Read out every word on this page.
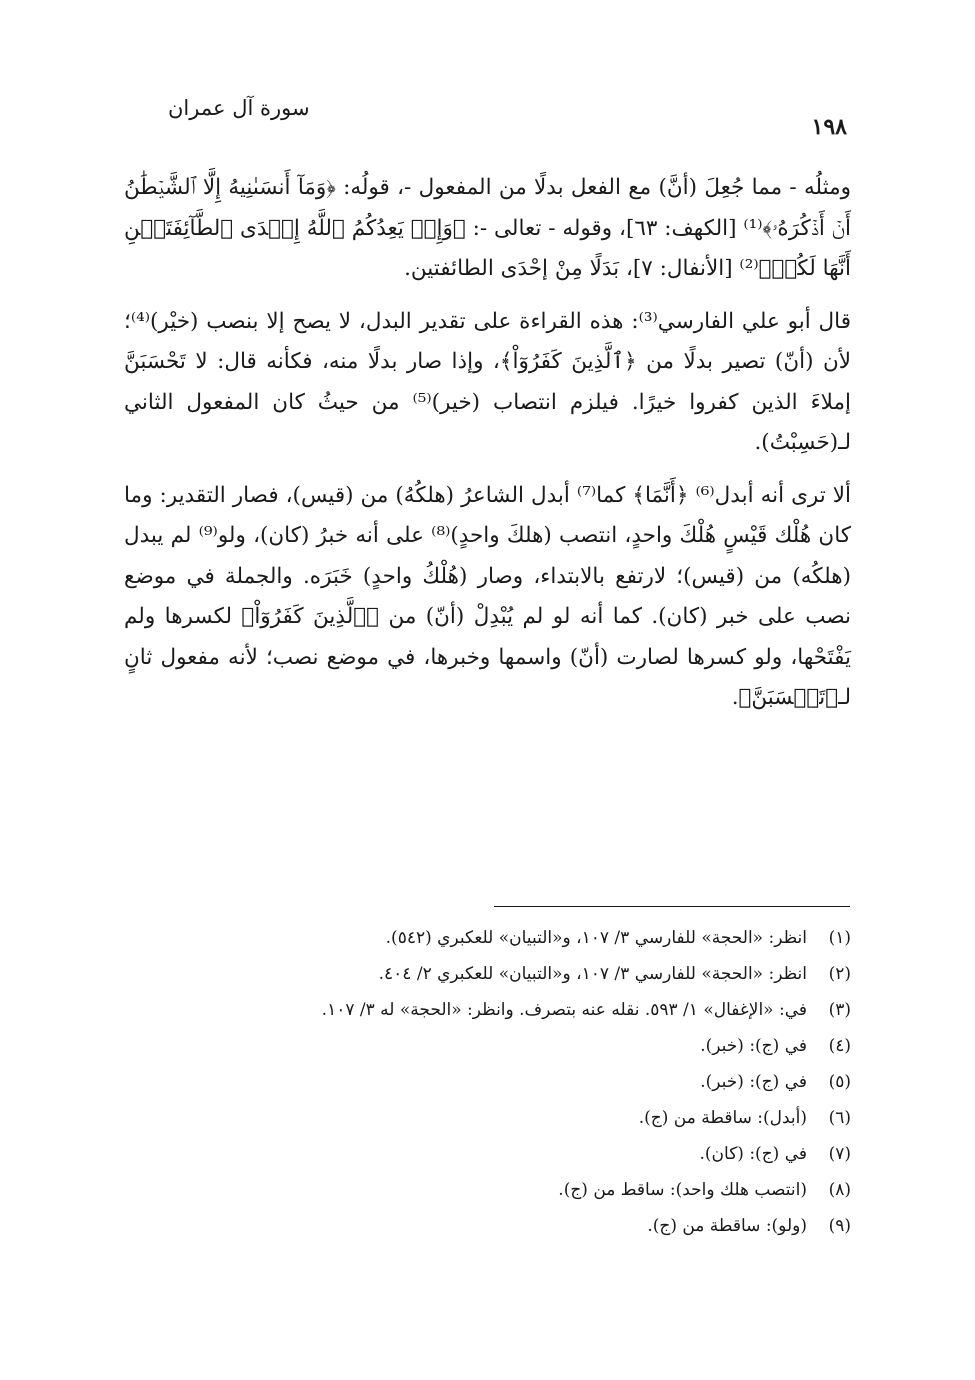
١٩٨
سورة آل عمران

ومثلُه - مما جُعِلَ (أنَّ) مع الفعل بدلًا من المفعول -، قولُه: ﴿وَمَآ أَنسَىٰنِيهُ إِلَّا ٱلشَّيۡطَٰنُ أَنۡ أَذۡكُرَهُۥ﴾⁽¹⁾ [الكهف: ٦٣]، وقوله - تعالى -: ﴿وَإِذۡ يَعِدُكُمُ ٱللَّهُ إِحۡدَى ٱلطَّآئِفَتَيۡنِ أَنَّهَا لَكُمۡ﴾⁽²⁾ [الأنفال: ٧]، بَدَلًا مِنْ إحْدَى الطائفتين.

قال أبو علي الفارسي⁽³⁾: هذه القراءة على تقدير البدل، لا يصح إلا بنصب (خيْر)⁽⁴⁾؛ لأن (أنّ) تصير بدلًا من ﴿ٱلَّذِينَ كَفَرُوٓاْ﴾، وإذا صار بدلًا منه، فكأنه قال: لا تَحْسَبَنَّ إملاءَ الذين كفروا خيرًا. فيلزم انتصاب (خير)⁽⁵⁾ من حيثُ كان المفعول الثاني لـ(حَسِبْتُ).

ألا ترى أنه أبدل⁽⁶⁾ ﴿أَنَّمَا﴾ كما⁽⁷⁾ أبدل الشاعرُ (هلكُهُ) من (قيس)، فصار التقدير: وما كان هُلْك قَيْسٍ هُلْكَ واحدٍ، انتصب (هلكَ واحدٍ)⁽⁸⁾ على أنه خبرُ (كان)، ولو⁽⁹⁾ لم يبدل (هلكُه) من (قيس)؛ لارتفع بالابتداء، وصار (هُلْكُ واحدٍ) خَبَرَه. والجملة في موضع نصب على خبر (كان). كما أنه لو لم يُبْدِلْ (أنّ) من ﴿ٱلَّذِينَ كَفَرُوٓاْ﴾ لكسرها ولم يَفْتَحْها، ولو كسرها لصارت (أنّ) واسمها وخبرها، في موضع نصب؛ لأنه مفعول ثانٍ لـ﴿تَحۡسَبَنَّ﴾.

(١)
انظر: «الحجة» للفارسي ٣/ ١٠٧، و«التبيان» للعكبري (٥٤٢).
(٢)
انظر: «الحجة» للفارسي ٣/ ١٠٧، و«التبيان» للعكبري ٢/ ٤٠٤.
(٣)
في: «الإغفال» ١/ ٥٩٣. نقله عنه بتصرف. وانظر: «الحجة» له ٣/ ١٠٧.
(٤)
في (ج): (خبر).
(٥)
في (ج): (خبر).
(٦)
(أبدل): ساقطة من (ج).
(٧)
في (ج): (كان).
(٨)
(انتصب هلك واحد): ساقط من (ج).
(٩)
(ولو): ساقطة من (ج).
